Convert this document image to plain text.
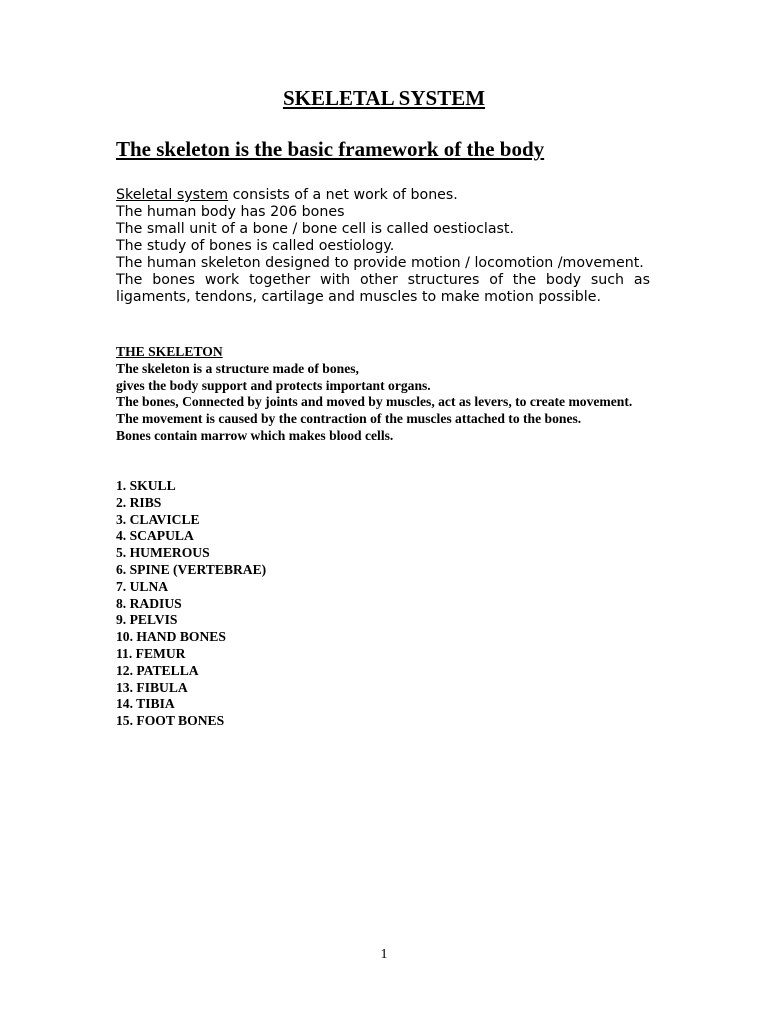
SKELETAL SYSTEM
The skeleton is the basic framework of the body

Skeletal system consists of a net work of bones.

The human body has 206 bones

The small unit of a bone / bone cell is called oestioclast.

The study of bones is called oestiology.

The human skeleton designed to provide motion / locomotion /movement.

The bones work together with other structures of the body such as ligaments, tendons, cartilage and muscles to make motion possible.

THE SKELETON

The skeleton is a structure made of bones,

gives the body support and protects important organs.

The bones, Connected by joints and moved by muscles, act as levers, to create movement.

The movement is caused by the contraction of the muscles attached to the bones.

Bones contain marrow which makes blood cells.

1. SKULL
2. RIBS
3. CLAVICLE
4. SCAPULA
5. HUMEROUS
6. SPINE (VERTEBRAE)
7. ULNA
8. RADIUS
9. PELVIS
10. HAND BONES
11. FEMUR
12. PATELLA
13. FIBULA
14. TIBIA
15. FOOT BONES
1
